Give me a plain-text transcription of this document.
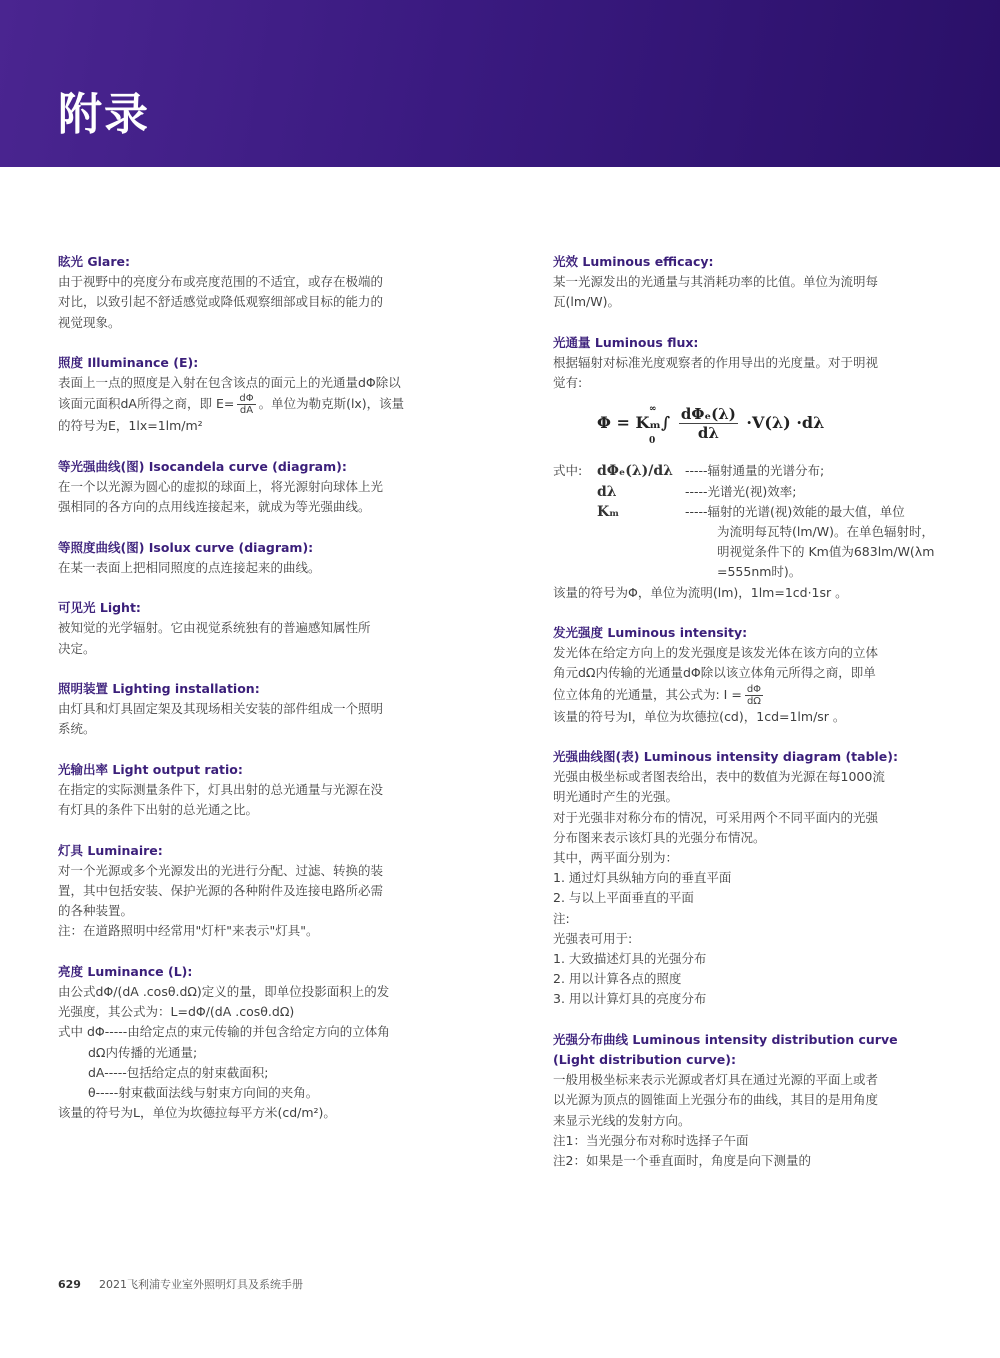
附录
眩光 Glare:
由于视野中的亮度分布或亮度范围的不适宜，或存在极端的
对比，以致引起不舒适感觉或降低观察细部或目标的能力的
视觉现象。
照度 Illuminance (E):
表面上一点的照度是入射在包含该点的面元上的光通量dΦ除以
该面元面积dA所得之商，即 $E= \frac{d\Phi}{dA}$ 。单位为勒克斯(lx)，该量
的符号为E，1lx=1lm/m²
等光强曲线(图) Isocandela curve (diagram):
在一个以光源为圆心的虚拟的球面上，将光源射向球体上光
强相同的各方向的点用线连接起来，就成为等光强曲线。
等照度曲线(图) Isolux curve (diagram):
在某一表面上把相同照度的点连接起来的曲线。
可见光 Light:
被知觉的光学辐射。它由视觉系统独有的普遍感知属性所
决定。
照明装置 Lighting installation:
由灯具和灯具固定架及其现场相关安装的部件组成一个照明
系统。
光输出率 Light output ratio:
在指定的实际测量条件下，灯具出射的总光通量与光源在没
有灯具的条件下出射的总光通之比。
灯具 Luminaire:
对一个光源或多个光源发出的光进行分配、过滤、转换的装
置，其中包括安装、保护光源的各种附件及连接电路所必需
的各种装置。
注：在道路照明中经常用"灯杆"来表示"灯具"。
亮度 Luminance (L):
由公式dΦ/(dA .cosθ.dΩ)定义的量，即单位投影面积上的发
光强度，其公式为：L=dΦ/(dA .cosθ.dΩ)
式中 dΦ-----由给定点的束元传输的并包含给定方向的立体角
dΩ内传播的光通量;
dA-----包括给定点的射束截面积;
θ-----射束截面法线与射束方向间的夹角。
该量的符号为L，单位为坎德拉每平方米(cd/m²)。
光效 Luminous efficacy:
某一光源发出的光通量与其消耗功率的比值。单位为流明每
瓦(lm/W)。
光通量 Luminous flux:
根据辐射对标准光度观察者的作用导出的光度量。对于明视
觉有:
Φ = Kₘ∫
∞
$0 \frac{\text{dΦₑ(λ)}}{d\lambda} \cdot V(\lambda) \cdot d\lambda$
式中:	dΦₑ(λ)/dλ -----辐射通量的光谱分布;
dλ	-----光谱光(视)效率;
Kₘ	-----辐射的光谱(视)效能的最大值，单位
为流明每瓦特(lm/W)。在单色辐射时，
明视觉条件下的 Km值为683lm/W(λm
=555nm时)。
该量的符号为Φ，单位为流明(lm)，1lm=1cd·1sr 。
发光强度 Luminous intensity:
发光体在给定方向上的发光强度是该发光体在该方向的立体
角元dΩ内传输的光通量dΦ除以该立体角元所得之商，即单
位立体角的光通量，其公式为: $I = \frac{d\Phi}{d\Omega}$
该量的符号为I，单位为坎德拉(cd)，1cd=1lm/sr 。
光强曲线图(表) Luminous intensity diagram (table):
光强由极坐标或者图表给出，表中的数值为光源在每1000流
明光通时产生的光强。
对于光强非对称分布的情况，可采用两个不同平面内的光强
分布图来表示该灯具的光强分布情况。
其中，两平面分别为：
1. 通过灯具纵轴方向的垂直平面
2. 与以上平面垂直的平面
注:
光强表可用于:
1. 大致描述灯具的光强分布
2. 用以计算各点的照度
3. 用以计算灯具的亮度分布
光强分布曲线 Luminous intensity distribution curve
(Light distribution curve):
一般用极坐标来表示光源或者灯具在通过光源的平面上或者
以光源为顶点的圆锥面上光强分布的曲线，其目的是用角度
来显示光线的发射方向。
注1：当光强分布对称时选择子午面
注2：如果是一个垂直面时，角度是向下测量的
629 2021飞利浦专业室外照明灯具及系统手册
